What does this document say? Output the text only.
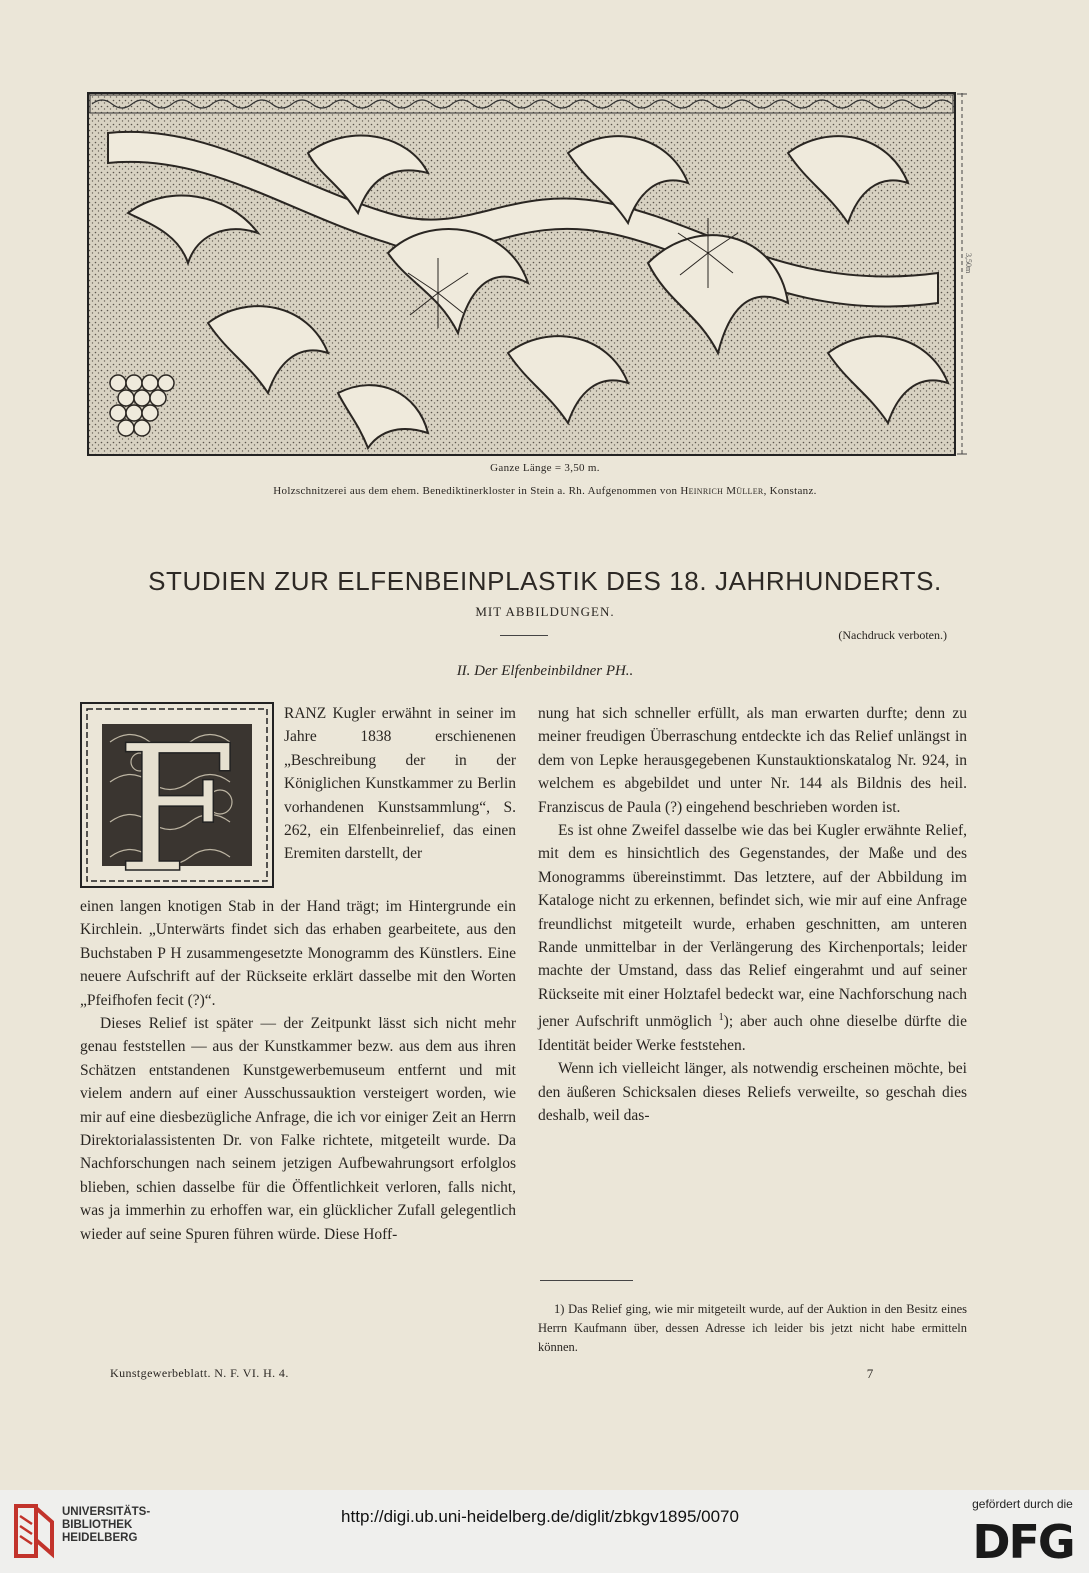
3,50m
Ganze Länge = 3,50 m.
Holzschnitzerei aus dem ehem. Benediktinerkloster in Stein a. Rh. Aufgenommen von Heinrich Müller, Konstanz.
STUDIEN ZUR ELFENBEINPLASTIK DES 18. JAHRHUNDERTS.
MIT ABBILDUNGEN.
(Nachdruck verboten.)
II. Der Elfenbeinbildner PH..
F	RANZ Kugler erwähnt in seiner im Jahre 1838 erschienenen „Beschreibung der in der Königlichen Kunstkammer zu Berlin vorhandenen Kunstsammlung“, S. 262, ein Elfenbeinrelief, das einen Eremiten darstellt, der

einen langen knotigen Stab in der Hand trägt; im Hintergrunde ein Kirchlein. „Unterwärts findet sich das erhaben gearbeitete, aus den Buchstaben P H zusammengesetzte Monogramm des Künstlers. Eine neuere Aufschrift auf der Rückseite erklärt dasselbe mit den Worten „Pfeifhofen fecit (?)“.

Dieses Relief ist später — der Zeitpunkt lässt sich nicht mehr genau feststellen — aus der Kunstkammer bezw. aus dem aus ihren Schätzen entstandenen Kunstgewerbemuseum entfernt und mit vielem andern auf einer Ausschussauktion versteigert worden, wie mir auf eine diesbezügliche Anfrage, die ich vor einiger Zeit an Herrn Direktorialassistenten Dr. von Falke richtete, mitgeteilt wurde. Da Nachforschungen nach seinem jetzigen Aufbewahrungsort erfolglos blieben, schien dasselbe für die Öffentlichkeit verloren, falls nicht, was ja immerhin zu erhoffen war, ein glücklicher Zufall gelegentlich wieder auf seine Spuren führen würde. Diese Hoff-

nung hat sich schneller erfüllt, als man erwarten durfte; denn zu meiner freudigen Überraschung entdeckte ich das Relief unlängst in dem von Lepke herausgegebenen Kunstauktionskatalog Nr. 924, in welchem es abgebildet und unter Nr. 144 als Bildnis des heil. Franziscus de Paula (?) eingehend beschrieben worden ist.

Es ist ohne Zweifel dasselbe wie das bei Kugler erwähnte Relief, mit dem es hinsichtlich des Gegenstandes, der Maße und des Monogramms übereinstimmt. Das letztere, auf der Abbildung im Kataloge nicht zu erkennen, befindet sich, wie mir auf eine Anfrage freundlichst mitgeteilt wurde, erhaben geschnitten, am unteren Rande unmittelbar in der Verlängerung des Kirchenportals; leider machte der Umstand, dass das Relief eingerahmt und auf seiner Rückseite mit einer Holztafel bedeckt war, eine Nachforschung nach jener Aufschrift unmöglich $^1$); aber auch ohne dieselbe dürfte die Identität beider Werke feststehen.

Wenn ich vielleicht länger, als notwendig erscheinen möchte, bei den äußeren Schicksalen dieses Reliefs verweilte, so geschah dies deshalb, weil das-

1) Das Relief ging, wie mir mitgeteilt wurde, auf der Auktion in den Besitz eines Herrn Kaufmann über, dessen Adresse ich leider bis jetzt nicht habe ermitteln können.
Kunstgewerbeblatt. N. F. VI. H. 4.	7
UNIVERSITÄTS-
BIBLIOTHEK
HEIDELBERG
http://digi.ub.uni-heidelberg.de/diglit/zbkgv1895/0070
gefördert durch die
DFG
